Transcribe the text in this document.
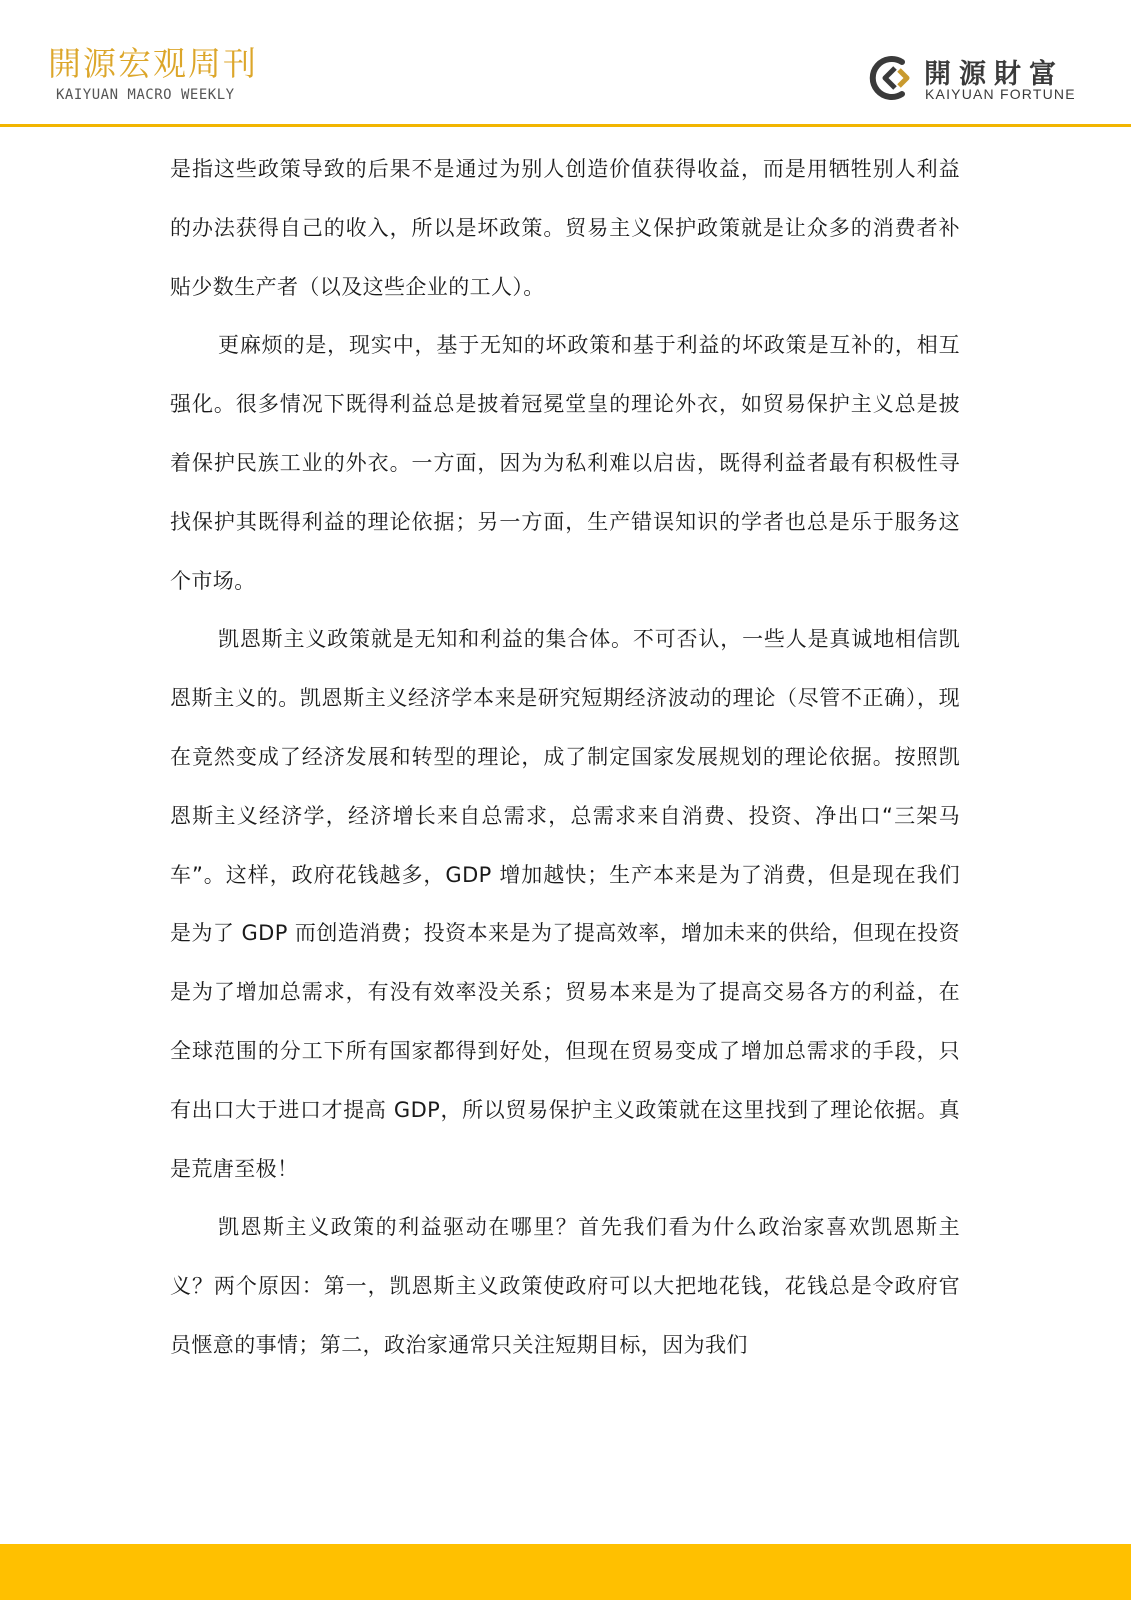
開源宏观周刊
KAIYUAN MACRO WEEKLY
開源財富
KAIYUAN FORTUNE

是指这些政策导致的后果不是通过为别人创造价值获得收益，而是用牺牲别人利益的办法获得自己的收入，所以是坏政策。贸易主义保护政策就是让众多的消费者补贴少数生产者（以及这些企业的工人）。

更麻烦的是，现实中，基于无知的坏政策和基于利益的坏政策是互补的，相互强化。很多情况下既得利益总是披着冠冕堂皇的理论外衣，如贸易保护主义总是披着保护民族工业的外衣。一方面，因为为私利难以启齿，既得利益者最有积极性寻找保护其既得利益的理论依据；另一方面，生产错误知识的学者也总是乐于服务这个市场。

凯恩斯主义政策就是无知和利益的集合体。不可否认，一些人是真诚地相信凯恩斯主义的。凯恩斯主义经济学本来是研究短期经济波动的理论（尽管不正确），现在竟然变成了经济发展和转型的理论，成了制定国家发展规划的理论依据。按照凯恩斯主义经济学，经济增长来自总需求，总需求来自消费、投资、净出口“三架马车”。这样，政府花钱越多，GDP 增加越快；生产本来是为了消费，但是现在我们是为了 GDP 而创造消费；投资本来是为了提高效率，增加未来的供给，但现在投资是为了增加总需求，有没有效率没关系；贸易本来是为了提高交易各方的利益，在全球范围的分工下所有国家都得到好处，但现在贸易变成了增加总需求的手段，只有出口大于进口才提高 GDP，所以贸易保护主义政策就在这里找到了理论依据。真是荒唐至极！

凯恩斯主义政策的利益驱动在哪里？首先我们看为什么政治家喜欢凯恩斯主义？两个原因：第一，凯恩斯主义政策使政府可以大把地花钱，花钱总是令政府官员惬意的事情；第二，政治家通常只关注短期目标，因为我们
